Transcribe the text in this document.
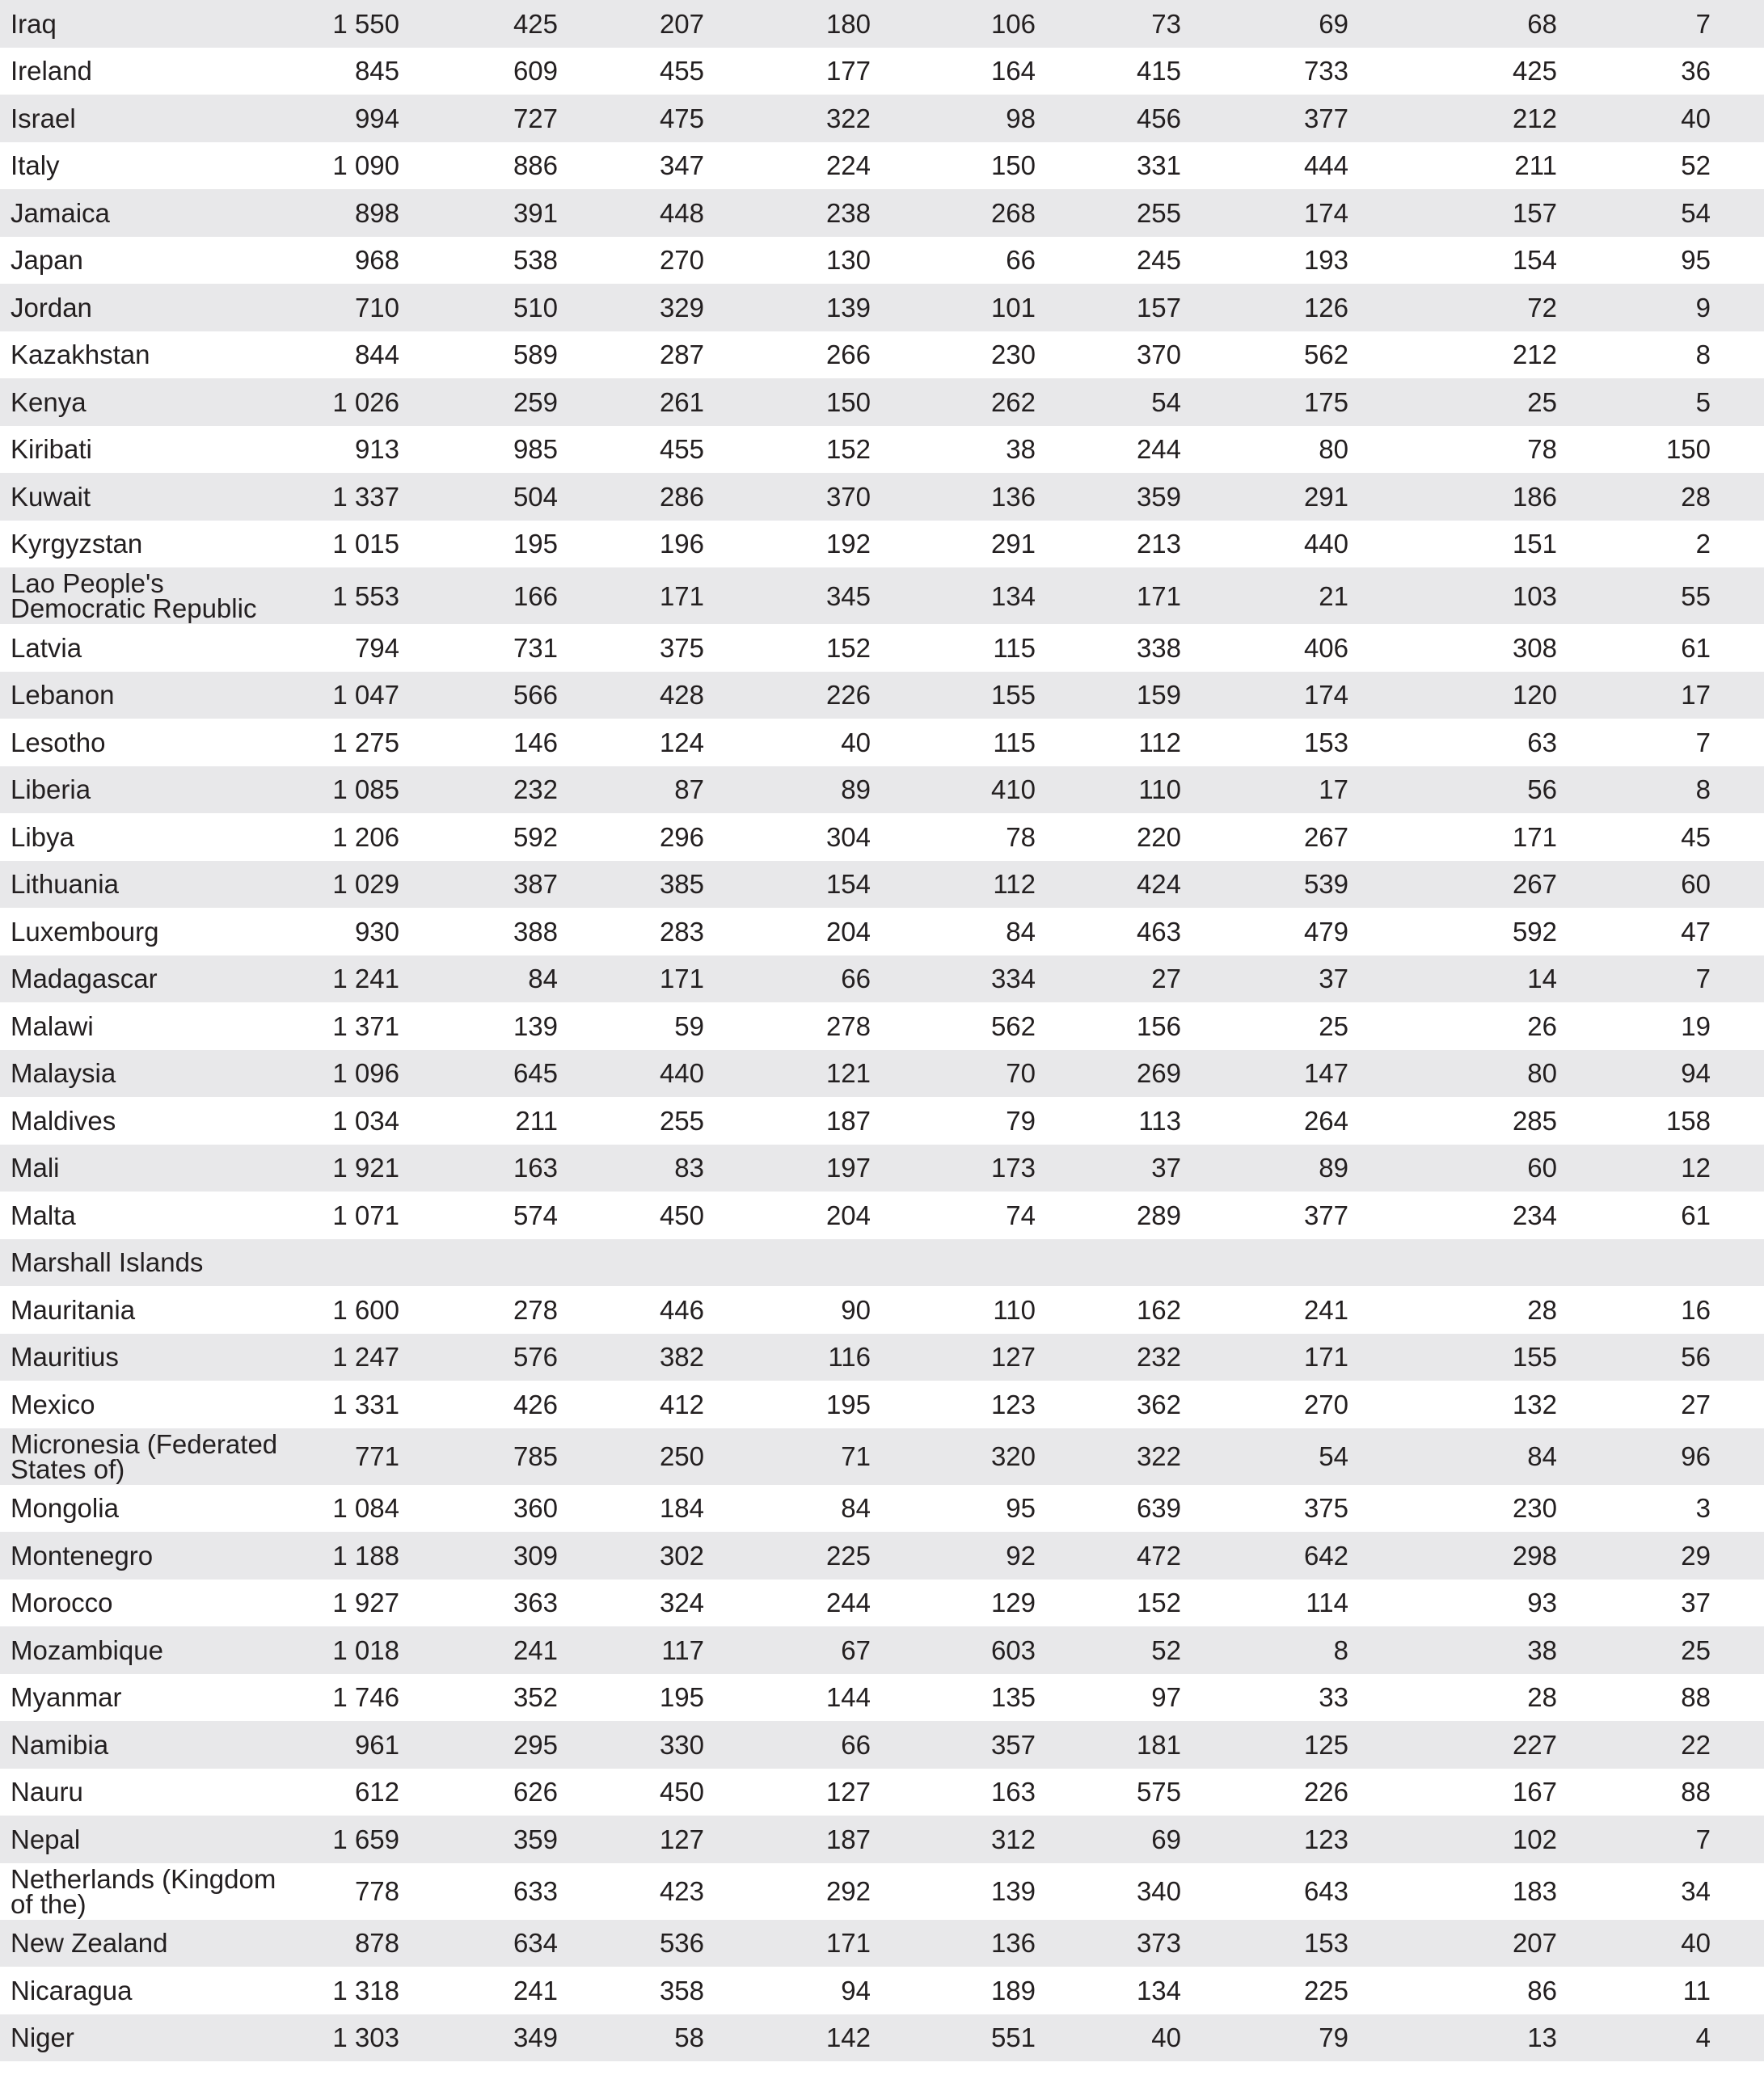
Iraq	1 550	425	207	180	106	73	69	68	7	
Ireland	845	609	455	177	164	415	733	425	36	
Israel	994	727	475	322	98	456	377	212	40	
Italy	1 090	886	347	224	150	331	444	211	52	
Jamaica	898	391	448	238	268	255	174	157	54	
Japan	968	538	270	130	66	245	193	154	95	
Jordan	710	510	329	139	101	157	126	72	9	
Kazakhstan	844	589	287	266	230	370	562	212	8	
Kenya	1 026	259	261	150	262	54	175	25	5	
Kiribati	913	985	455	152	38	244	80	78	150	
Kuwait	1 337	504	286	370	136	359	291	186	28	
Kyrgyzstan	1 015	195	196	192	291	213	440	151	2	
Lao People's Democratic Republic	1 553	166	171	345	134	171	21	103	55	
Latvia	794	731	375	152	115	338	406	308	61	
Lebanon	1 047	566	428	226	155	159	174	120	17	
Lesotho	1 275	146	124	40	115	112	153	63	7	
Liberia	1 085	232	87	89	410	110	17	56	8	
Libya	1 206	592	296	304	78	220	267	171	45	
Lithuania	1 029	387	385	154	112	424	539	267	60	
Luxembourg	930	388	283	204	84	463	479	592	47	
Madagascar	1 241	84	171	66	334	27	37	14	7	
Malawi	1 371	139	59	278	562	156	25	26	19	
Malaysia	1 096	645	440	121	70	269	147	80	94	
Maldives	1 034	211	255	187	79	113	264	285	158	
Mali	1 921	163	83	197	173	37	89	60	12	
Malta	1 071	574	450	204	74	289	377	234	61	
Marshall Islands										
Mauritania	1 600	278	446	90	110	162	241	28	16	
Mauritius	1 247	576	382	116	127	232	171	155	56	
Mexico	1 331	426	412	195	123	362	270	132	27	
Micronesia (Federated States of)	771	785	250	71	320	322	54	84	96	
Mongolia	1 084	360	184	84	95	639	375	230	3	
Montenegro	1 188	309	302	225	92	472	642	298	29	
Morocco	1 927	363	324	244	129	152	114	93	37	
Mozambique	1 018	241	117	67	603	52	8	38	25	
Myanmar	1 746	352	195	144	135	97	33	28	88	
Namibia	961	295	330	66	357	181	125	227	22	
Nauru	612	626	450	127	163	575	226	167	88	
Nepal	1 659	359	127	187	312	69	123	102	7	
Netherlands (Kingdom of the)	778	633	423	292	139	340	643	183	34	
New Zealand	878	634	536	171	136	373	153	207	40	
Nicaragua	1 318	241	358	94	189	134	225	86	11	
Niger	1 303	349	58	142	551	40	79	13	4	
